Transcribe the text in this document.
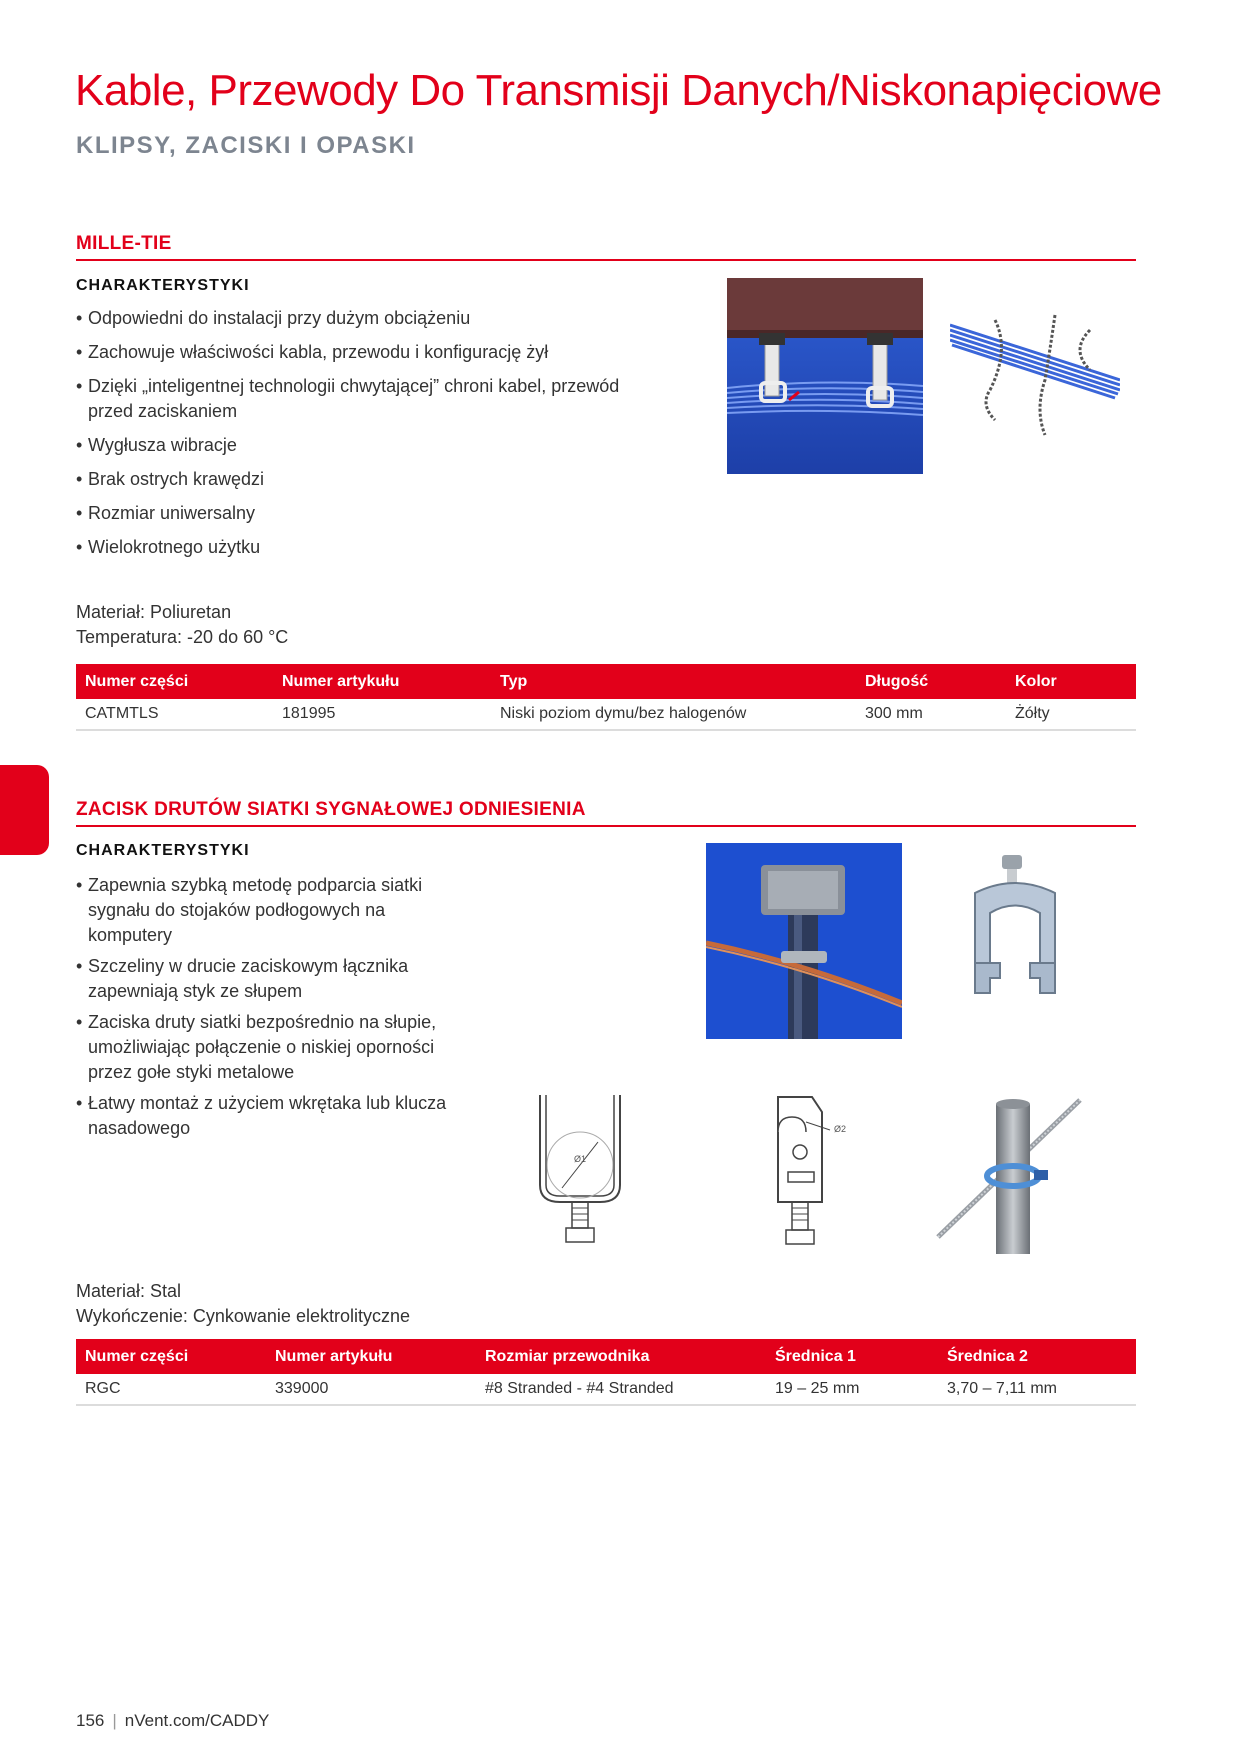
Kable, Przewody Do Transmisji Danych/Niskonapięciowe
KLIPSY, ZACISKI I OPASKI
MILLE-TIE
CHARAKTERYSTYKI
• Odpowiedni do instalacji przy dużym obciążeniu
• Zachowuje właściwości kabla, przewodu i konfigurację żył
• Dzięki „inteligentnej technologii chwytającej” chroni kabel, przewód przed zaciskaniem
• Wygłusza wibracje
• Brak ostrych krawędzi
• Rozmiar uniwersalny
• Wielokrotnego użytku
Materiał: Poliuretan
Temperatura: -20 do 60 °C
Numer części	Numer artykułu	Typ	Długość	Kolor
CATMTLS	181995	Niski poziom dymu/bez halogenów	300 mm	Żółty
ZACISK DRUTÓW SIATKI SYGNAŁOWEJ ODNIESIENIA
CHARAKTERYSTYKI
• Zapewnia szybką metodę podparcia siatki sygnału do stojaków podłogowych na komputery
• Szczeliny w drucie zaciskowym łącznika zapewniają styk ze słupem
• Zaciska druty siatki bezpośrednio na słupie, umożliwiając połączenie o niskiej oporności przez gołe styki metalowe
• Łatwy montaż z użyciem wkrętaka lub klucza nasadowego
Ø1
Ø2
Materiał: Stal
Wykończenie: Cynkowanie elektrolityczne
Numer części	Numer artykułu	Rozmiar przewodnika	Średnica 1	Średnica 2
RGC	339000	#8 Stranded - #4 Stranded	19 – 25 mm	3,70 – 7,11 mm
156 | nVent.com/CADDY
